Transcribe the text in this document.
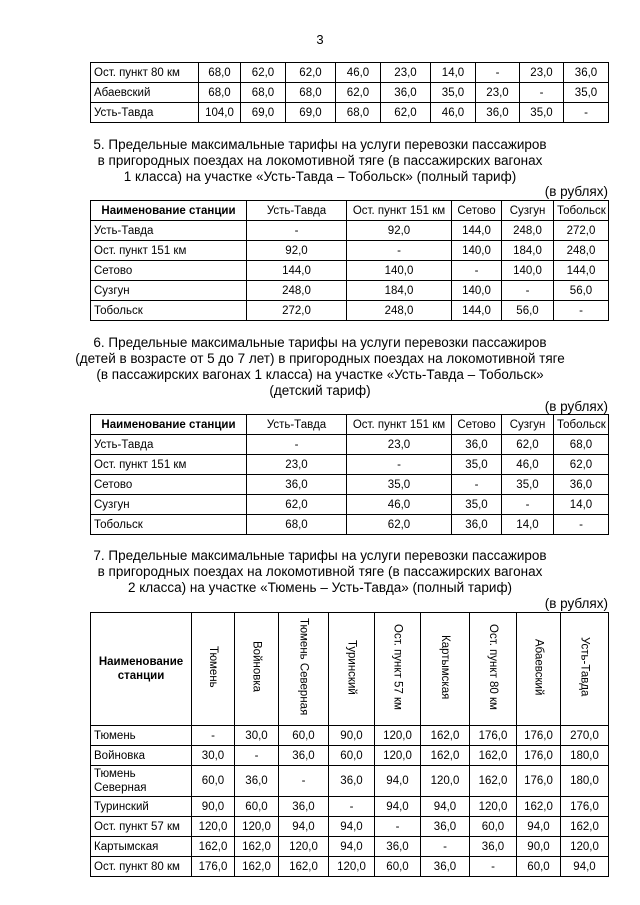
3
Ост. пункт 80 км	68,0	62,0	62,0	46,0	23,0	14,0	-	23,0	36,0
Абаевский	68,0	68,0	68,0	62,0	36,0	35,0	23,0	-	35,0
Усть-Тавда	104,0	69,0	69,0	68,0	62,0	46,0	36,0	35,0	-
5. Предельные максимальные тарифы на услуги перевозки пассажиров
в пригородных поездах на локомотивной тяге (в пассажирских вагонах
1 класса) на участке «Усть-Тавда – Тобольск» (полный тариф)
(в рублях)
Наименование станции	Усть-Тавда	Ост. пункт 151 км	Сетово	Сузгун	Тобольск
Усть-Тавда	-	92,0	144,0	248,0	272,0
Ост. пункт 151 км	92,0	-	140,0	184,0	248,0
Сетово	144,0	140,0	-	140,0	144,0
Сузгун	248,0	184,0	140,0	-	56,0
Тобольск	272,0	248,0	144,0	56,0	-
6. Предельные максимальные тарифы на услуги перевозки пассажиров
(детей в возрасте от 5 до 7 лет) в пригородных поездах на локомотивной тяге
(в пассажирских вагонах 1 класса) на участке «Усть-Тавда – Тобольск»
(детский тариф)
(в рублях)
Наименование станции	Усть-Тавда	Ост. пункт 151 км	Сетово	Сузгун	Тобольск
Усть-Тавда	-	23,0	36,0	62,0	68,0
Ост. пункт 151 км	23,0	-	35,0	46,0	62,0
Сетово	36,0	35,0	-	35,0	36,0
Сузгун	62,0	46,0	35,0	-	14,0
Тобольск	68,0	62,0	36,0	14,0	-
7. Предельные максимальные тарифы на услуги перевозки пассажиров
в пригородных поездах на локомотивной тяге (в пассажирских вагонах
2 класса) на участке «Тюмень – Усть-Тавда» (полный тариф)
(в рублях)
Наименование станции	Тюмень	Войновка	Тюмень Северная	Туринский	Ост. пункт 57 км	Картымская	Ост. пункт 80 км	Абаевский	Усть-Тавда
Тюмень	-	30,0	60,0	90,0	120,0	162,0	176,0	176,0	270,0
Войновка	30,0	-	36,0	60,0	120,0	162,0	162,0	176,0	180,0
Тюмень Северная	60,0	36,0	-	36,0	94,0	120,0	162,0	176,0	180,0
Туринский	90,0	60,0	36,0	-	94,0	94,0	120,0	162,0	176,0
Ост. пункт 57 км	120,0	120,0	94,0	94,0	-	36,0	60,0	94,0	162,0
Картымская	162,0	162,0	120,0	94,0	36,0	-	36,0	90,0	120,0
Ост. пункт 80 км	176,0	162,0	162,0	120,0	60,0	36,0	-	60,0	94,0
